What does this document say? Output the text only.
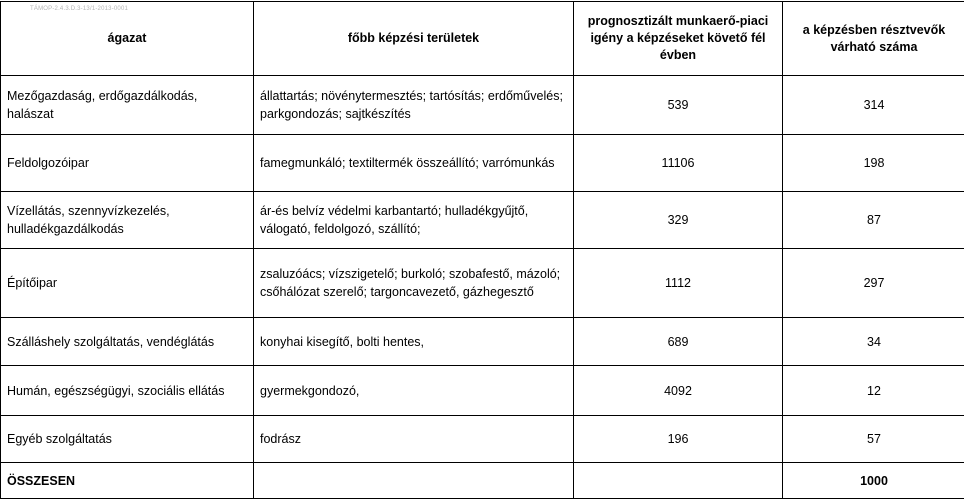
TÁMOP-2.4.3.D.3-13/1-2013-0001
ágazat	főbb képzési területek	prognosztizált munkaerő-piaci igény a képzéseket követő fél évben	a képzésben résztvevők várható száma
Mezőgazdaság, erdőgazdálkodás, halászat	állattartás; növénytermesztés; tartósítás; erdőművelés; parkgondozás; sajtkészítés	539	314
Feldolgozóipar	famegmunkáló; textiltermék összeállító; varrómunkás	11106	198
Vízellátás, szennyvízkezelés, hulladékgazdálkodás	ár-és belvíz védelmi karbantartó; hulladékgyűjtő, válogató, feldolgozó, szállító;	329	87
Építőipar	zsaluzóács; vízszigetelő; burkoló; szobafestő, mázoló; csőhálózat szerelő; targoncavezető, gázhegesztő	1112	297
Szálláshely szolgáltatás, vendéglátás	konyhai kisegítő, bolti hentes,	689	34
Humán, egészségügyi, szociális ellátás	gyermekgondozó,	4092	12
Egyéb szolgáltatás	fodrász	196	57
ÖSSZESEN			1000
